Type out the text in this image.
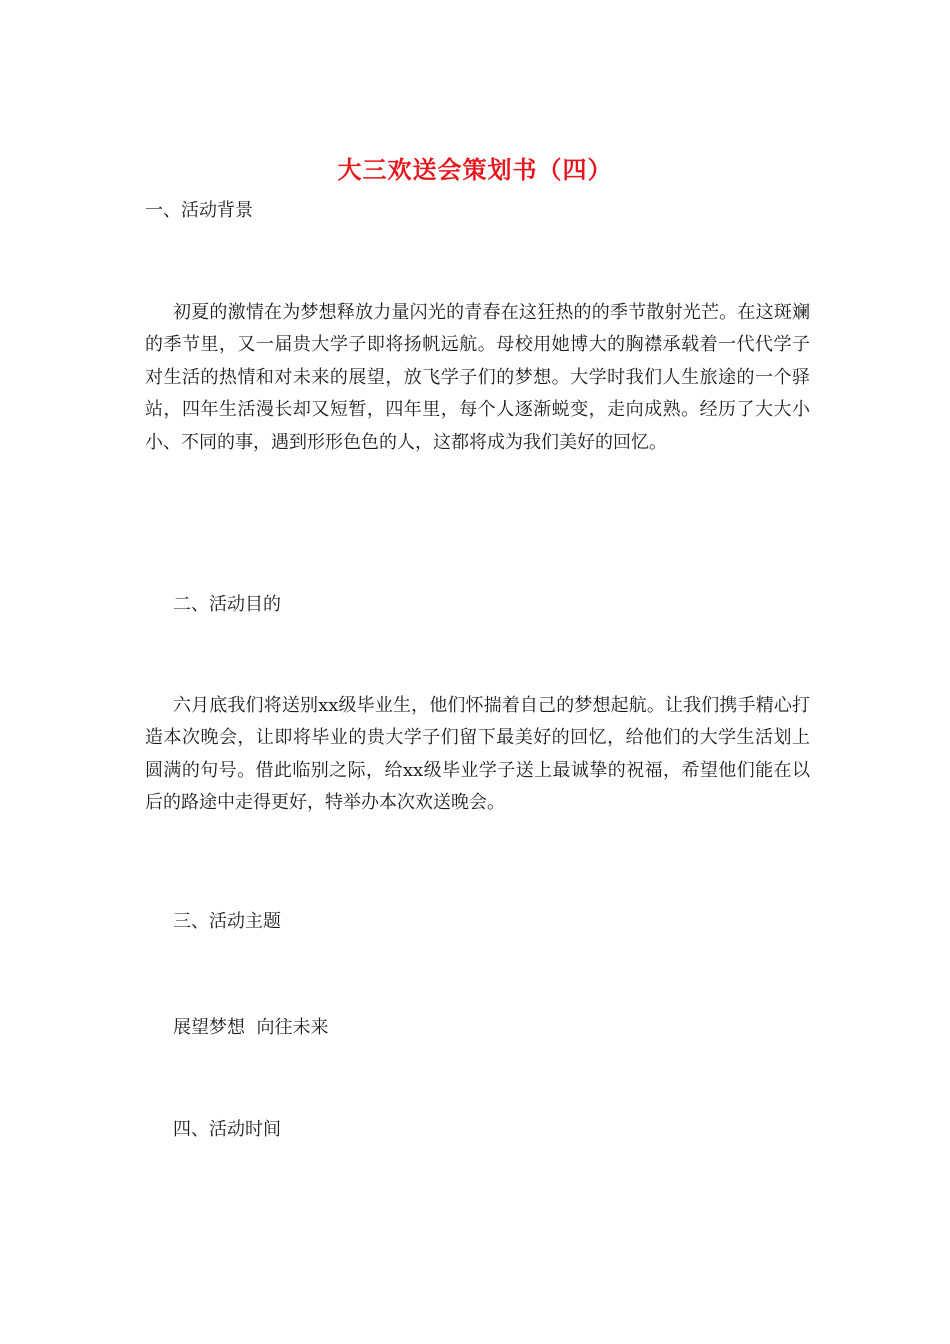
大三欢送会策划书（四）
一、活动背景
初夏的激情在为梦想释放力量闪光的青春在这狂热的的季节散射光芒。在这斑斓的季节里，又一届贵大学子即将扬帆远航。母校用她博大的胸襟承载着一代代学子对生活的热情和对未来的展望，放飞学子们的梦想。大学时我们人生旅途的一个驿站，四年生活漫长却又短暂，四年里，每个人逐渐蜕变，走向成熟。经历了大大小小、不同的事，遇到形形色色的人，这都将成为我们美好的回忆。
二、活动目的
六月底我们将送别xx级毕业生，他们怀揣着自己的梦想起航。让我们携手精心打造本次晚会，让即将毕业的贵大学子们留下最美好的回忆，给他们的大学生活划上圆满的句号。借此临别之际，给xx级毕业学子送上最诚挚的祝福，希望他们能在以后的路途中走得更好，特举办本次欢送晚会。
三、活动主题
展望梦想  向往未来
四、活动时间
